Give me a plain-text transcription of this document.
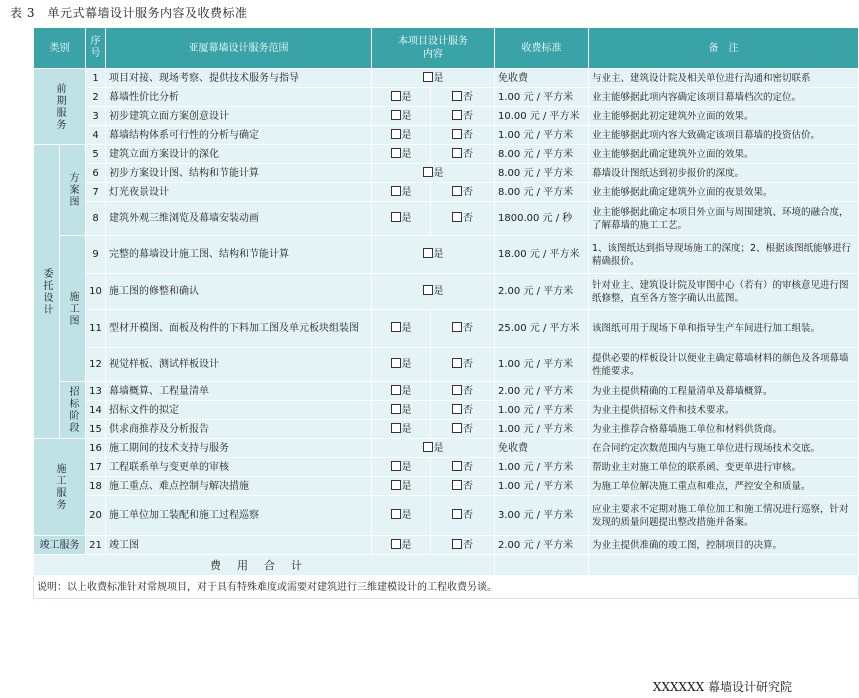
表 3　单元式幕墙设计服务内容及收费标准
类别		序号	亚厦幕墙设计服务范围	本项目设计服务内容		收费标准	备　注

前期服务		1	项目对接、现场考察、提供技术服务与指导	是		免收费	与业主、建筑设计院及相关单位进行沟通和密切联系
		2	幕墙性价比分析	是	否	1.00 元 / 平方米	业主能够据此项内容确定该项目幕墙档次的定位。
		3	初步建筑立面方案创意设计	是	否	10.00 元 / 平方米	业主能够据此初定建筑外立面的效果。
		4	幕墙结构体系可行性的分析与确定	是	否	1.00 元 / 平方米	业主能够据此项内容大致确定该项目幕墙的投资估价。

委托设计	方案图	5	建筑立面方案设计的深化	是	否	8.00 元 / 平方米	业主能够据此确定建筑外立面的效果。
		6	初步方案设计图、结构和节能计算	是		8.00 元 / 平方米	幕墙设计图纸达到初步报价的深度。
		7	灯光夜景设计	是	否	8.00 元 / 平方米	业主能够据此确定建筑外立面的夜景效果。
		8	建筑外观三维浏览及幕墙安装动画	是	否	1800.00 元 / 秒	业主能够据此确定本项目外立面与周围建筑、环境的融合度，了解幕墙的施工工艺。

	施工图	9	完整的幕墙设计施工图、结构和节能计算	是		18.00 元 / 平方米	1、该图纸达到指导现场施工的深度；2、根据该图纸能够进行精确报价。
		10	施工图的修整和确认	是		2.00 元 / 平方米	针对业主、建筑设计院及审图中心（若有）的审核意见进行图纸修整，直至各方签字确认出蓝图。
		11	型材开模图、面板及构件的下料加工图及单元板块组装图	是	否	25.00 元 / 平方米	该图纸可用于现场下单和指导生产车间进行加工组装。
		12	视觉样板、测试样板设计	是	否	1.00 元 / 平方米	提供必要的样板设计以便业主确定幕墙材料的颜色及各项幕墙性能要求。

	招标阶段	13	幕墙概算、工程量清单	是	否	2.00 元 / 平方米	为业主提供精确的工程量清单及幕墙概算。
		14	招标文件的拟定	是	否	1.00 元 / 平方米	为业主提供招标文件和技术要求。
		15	供求商推荐及分析报告	是	否	1.00 元 / 平方米	为业主推荐合格幕墙施工单位和材料供货商。

施工服务		16	施工期间的技术支持与服务	是		免收费	在合同约定次数范围内与施工单位进行现场技术交底。
		17	工程联系单与变更单的审核	是	否	1.00 元 / 平方米	帮助业主对施工单位的联系函、变更单进行审核。
		18	施工重点、难点控制与解决措施	是	否	1.00 元 / 平方米	为施工单位解决施工重点和难点，严控安全和质量。
		20	施工单位加工装配和施工过程巡察	是	否	3.00 元 / 平方米	应业主要求不定期对施工单位加工和施工情况进行巡察，针对发现的质量问题提出整改措施并备案。
竣工服务		21	竣工图	是	否	2.00 元 / 平方米	为业主提供准确的竣工图，控制项目的决算。
费用合计							
说明：以上收费标准针对常规项目，对于具有特殊难度或需要对建筑进行三维建模设计的工程收费另谈。							
XXXXXX 幕墙设计研究院
